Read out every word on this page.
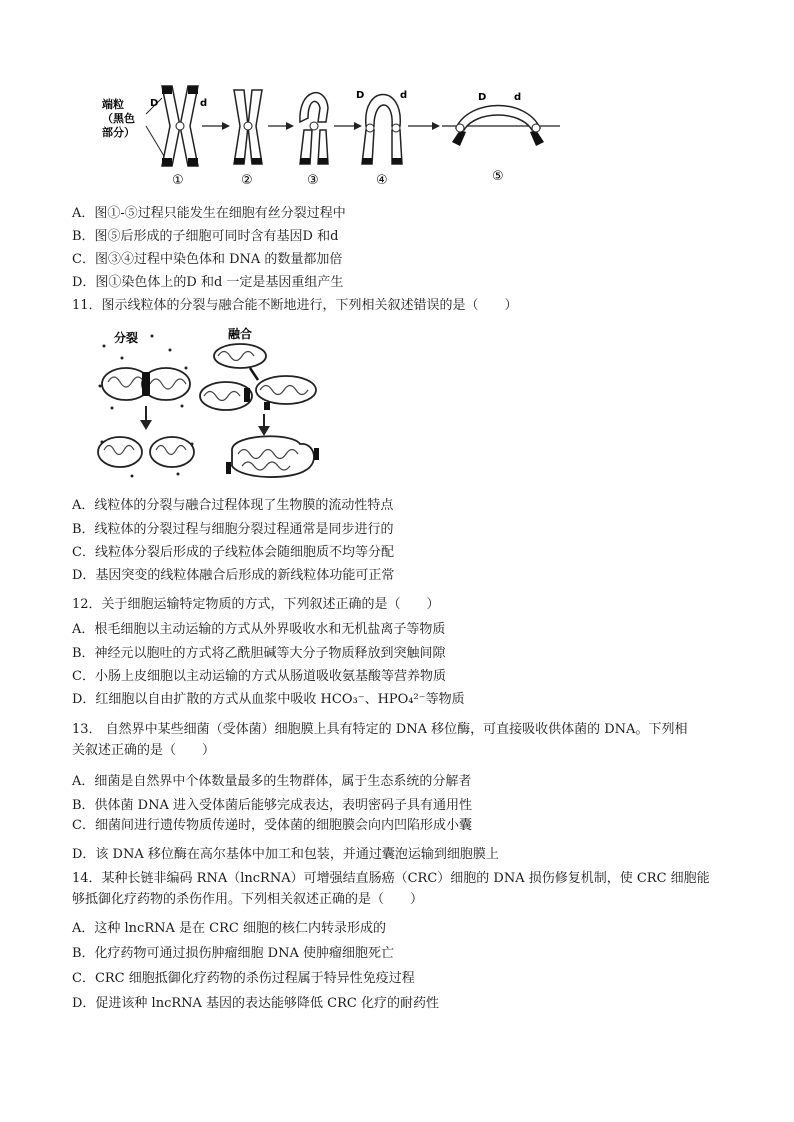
端粒
（黑色
部分）
D	d
①	②	③
D	d
④
D	d
⑤
A．图①-⑤过程只能发生在细胞有丝分裂过程中
B．图⑤后形成的子细胞可同时含有基因D 和d
C．图③④过程中染色体和 DNA 的数量都加倍
D．图①染色体上的D 和d 一定是基因重组产生
11．图示线粒体的分裂与融合能不断地进行，下列相关叙述错误的是（　　）
分裂	融合
A．线粒体的分裂与融合过程体现了生物膜的流动性特点
B．线粒体的分裂过程与细胞分裂过程通常是同步进行的
C．线粒体分裂后形成的子线粒体会随细胞质不均等分配
D．基因突变的线粒体融合后形成的新线粒体功能可正常
12．关于细胞运输特定物质的方式，下列叙述正确的是（　　）
A．根毛细胞以主动运输的方式从外界吸收水和无机盐离子等物质
B．神经元以胞吐的方式将乙酰胆碱等大分子物质释放到突触间隙
C．小肠上皮细胞以主动运输的方式从肠道吸收氨基酸等营养物质
D．红细胞以自由扩散的方式从血浆中吸收 HCO₃⁻、HPO₄²⁻等物质
13． 自然界中某些细菌（受体菌）细胞膜上具有特定的 DNA 移位酶，可直接吸收供体菌的 DNA。下列相
关叙述正确的是（　　）
A．细菌是自然界中个体数量最多的生物群体，属于生态系统的分解者
B．供体菌 DNA 进入受体菌后能够完成表达，表明密码子具有通用性
C．细菌间进行遗传物质传递时，受体菌的细胞膜会向内凹陷形成小囊
D．该 DNA 移位酶在高尔基体中加工和包装，并通过囊泡运输到细胞膜上
14．某种长链非编码 RNA（lncRNA）可增强结直肠癌（CRC）细胞的 DNA 损伤修复机制，使 CRC 细胞能
够抵御化疗药物的杀伤作用。下列相关叙述正确的是（　　）
A．这种 lncRNA 是在 CRC 细胞的核仁内转录形成的
B．化疗药物可通过损伤肿瘤细胞 DNA 使肿瘤细胞死亡
C．CRC 细胞抵御化疗药物的杀伤过程属于特异性免疫过程
D．促进该种 lncRNA 基因的表达能够降低 CRC 化疗的耐药性
